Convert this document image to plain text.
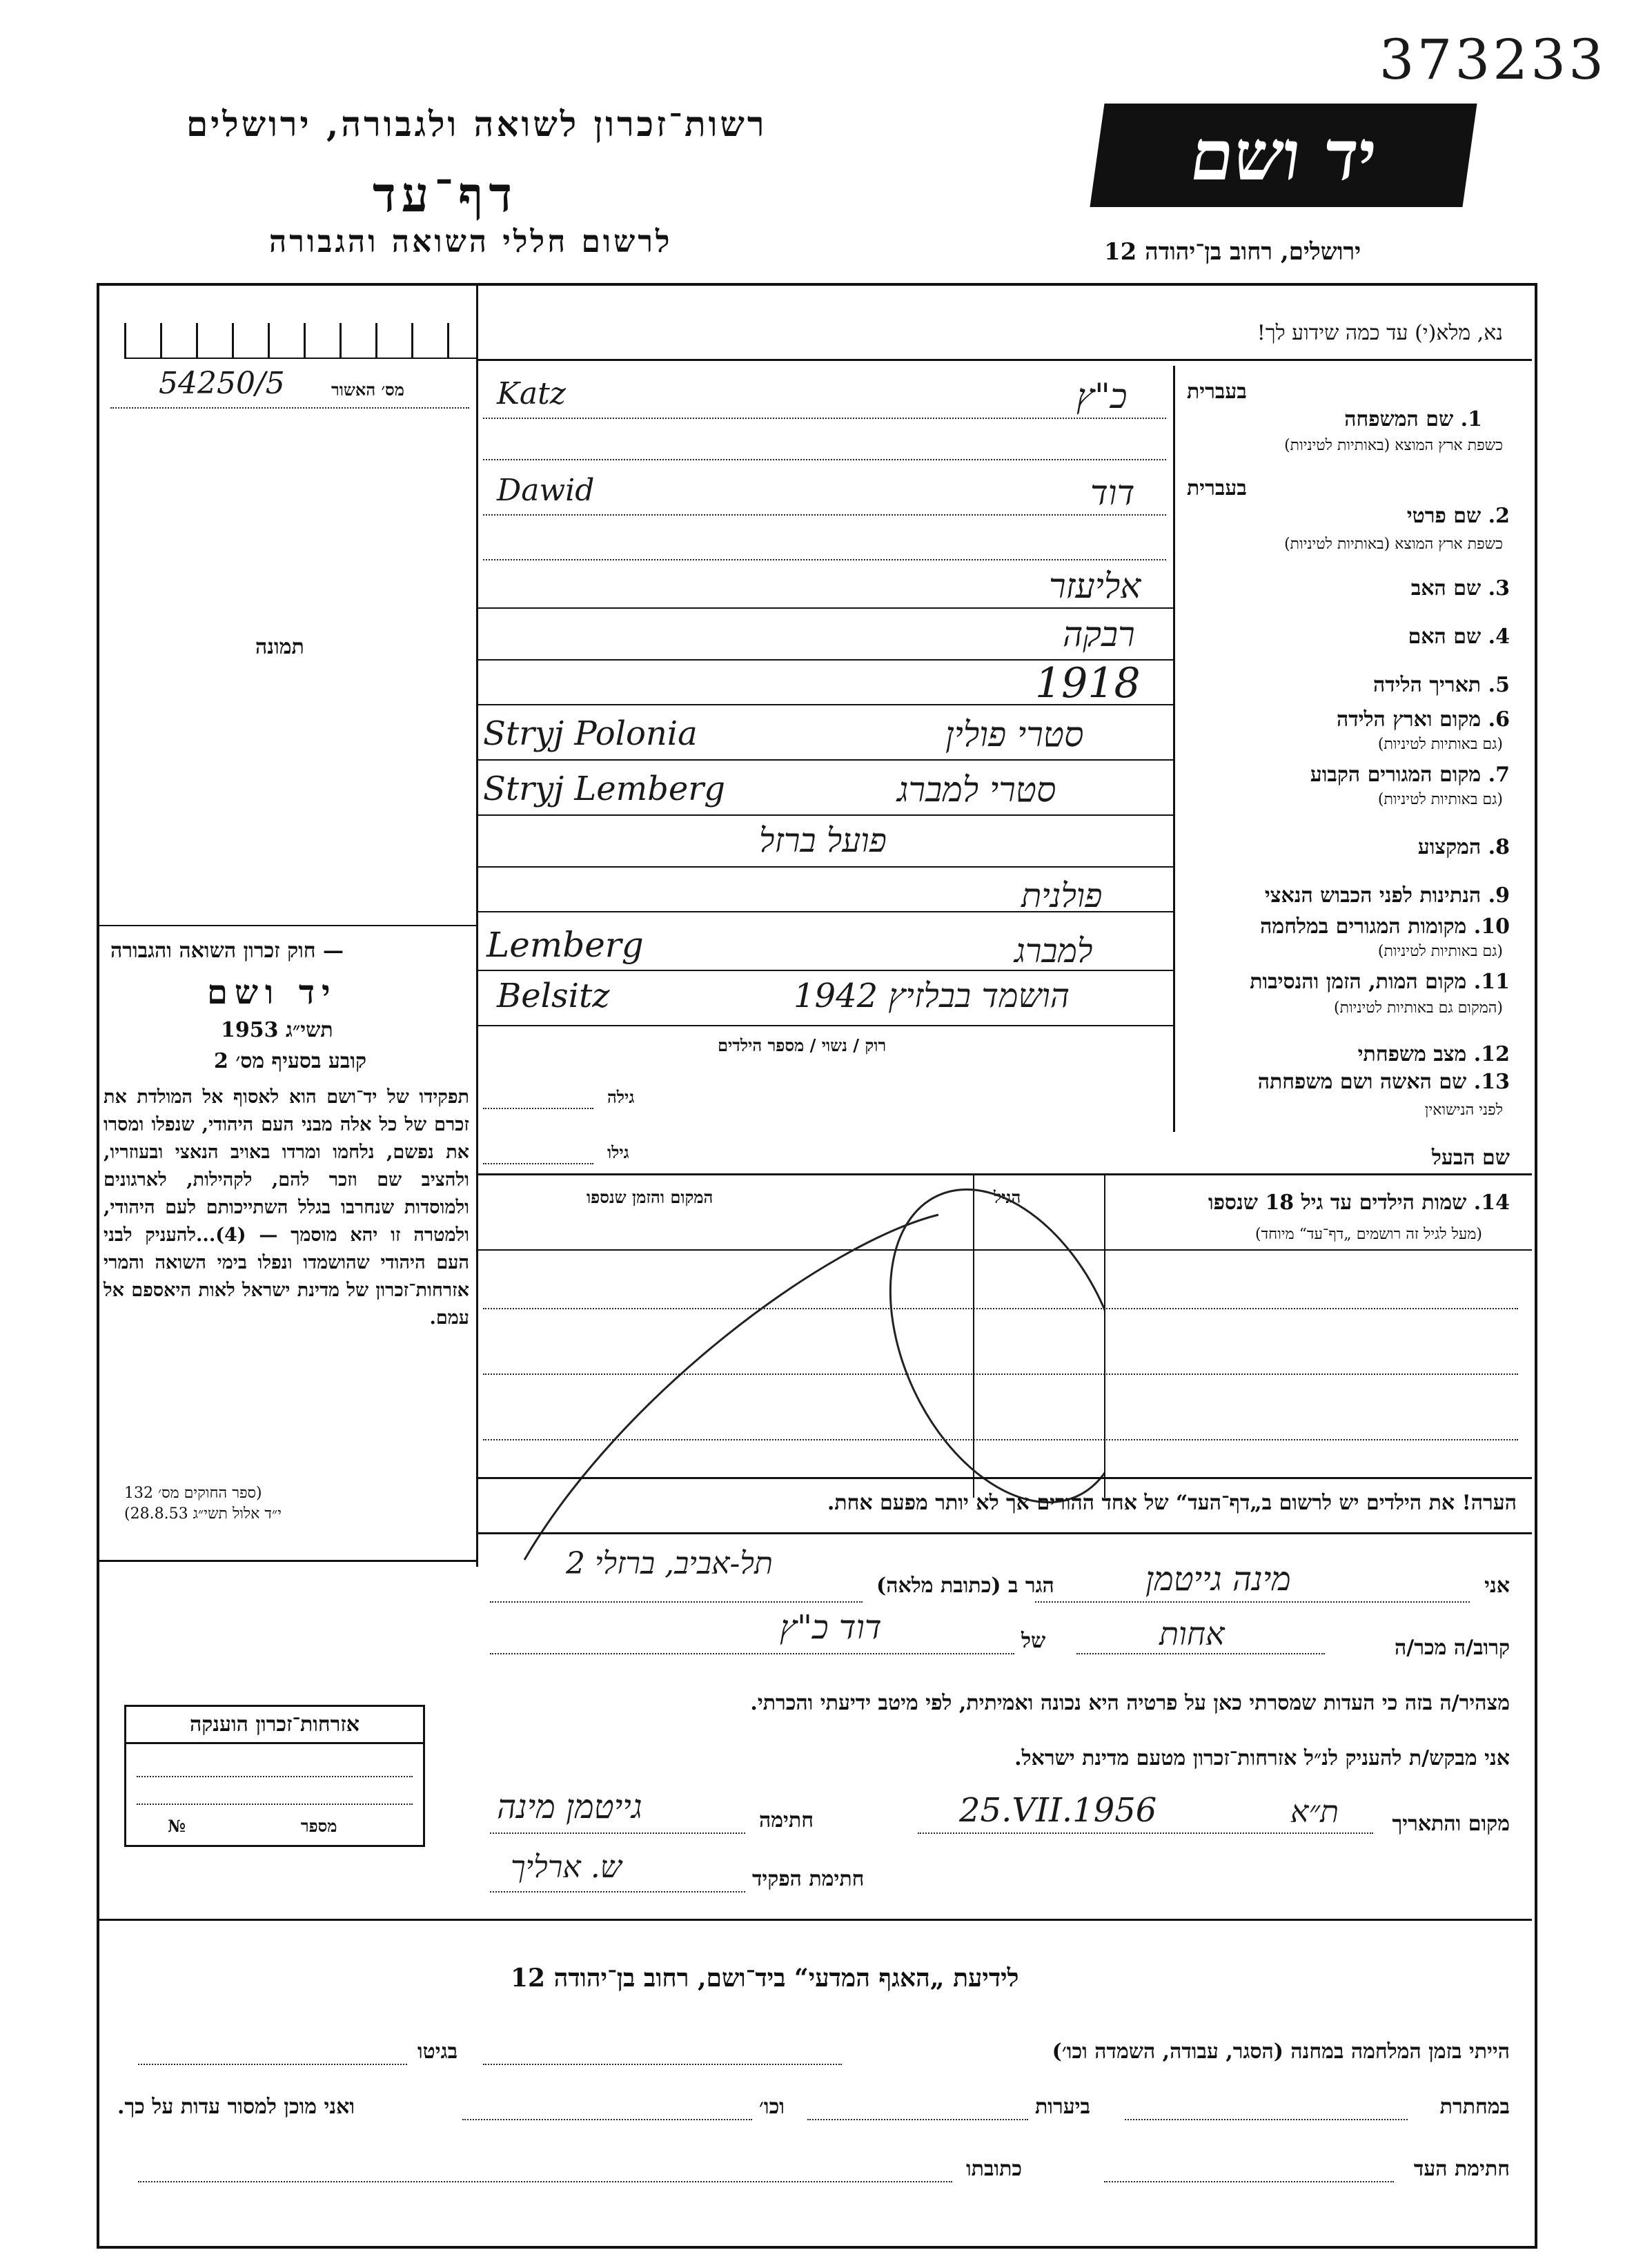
373233
רשות־זכרון לשואה ולגבורה, ירושלים
דף־עד
לרשום חללי השואה והגבורה
יד ושם
ירושלים, רחוב בן־יהודה 12
נא, מלא(י) עד כמה שידוע לך!
מס׳ האשור
54250/5
תמונה
בעברית
בעברית
1. שם המשפחה
כשפת ארץ המוצא (באותיות לטיניות)
כ"ץ
Katz
2. שם פרטי
כשפת ארץ המוצא (באותיות לטיניות)
דוד
Dawid
3. שם האב
אליעזר
4. שם האם
רבקה
5. תאריך הלידה
1918
6. מקום וארץ הלידה
(גם באותיות לטיניות)
סטרי פולין
Stryj Polonia
7. מקום המגורים הקבוע
(גם באותיות לטיניות)
סטרי למברג
Stryj Lemberg
8. המקצוע
פועל ברזל
9. הנתינות לפני הכבוש הנאצי
פולנית
10. מקומות המגורים במלחמה
(גם באותיות לטיניות)
למברג
Lemberg
11. מקום המות, הזמן והנסיבות
(המקום גם באותיות לטיניות)
הושמד בבלזיץ 1942
Belsitz
12. מצב משפחתי
רוק / נשוי / מספר הילדים
13. שם האשה ושם משפחתה
לפני הנישואין
גילה
שם הבעל
גילו
14. שמות הילדים עד גיל 18 שנספו
(מעל לגיל זה רושמים „דף־עד“ מיוחד)
הגיל
המקום והזמן שנספו
הערה! את הילדים יש לרשום ב„דף־העד“ של אחד ההורים אך לא יותר מפעם אחת.
— חוק זכרון השואה והגבורה
יד ושם
תשי״ג 1953
קובע בסעיף מס׳ 2
תפקידו של יד־ושם הוא לאסוף אל המולדת את זכרם של כל אלה מבני העם היהודי, שנפלו ומסרו את נפשם, נלחמו ומרדו באויב הנאצי ובעוזריו, ולהציב שם וזכר להם, לקהילות, לארגונים ולמוסדות שנחרבו בגלל השתייכותם לעם היהודי, ולמטרה זו יהא מוסמך — (4)...להעניק לבני העם היהודי שהושמדו ונפלו בימי השואה והמרי אזרחות־זכרון של מדינת ישראל לאות היאספם אל עמם.
(ספר החוקים מס׳ 132
י״ד אלול תשי״ג 28.8.53)
אזרחות־זכרון הוענקה
№	מספר
אני
מינה גייטמן
הגר ב (כתובת מלאה)
תל-אביב, ברזלי 2
קרוב/ה מכר/ה
אחות
של
דוד כ"ץ
מצהיר/ה בזה כי העדות שמסרתי כאן על פרטיה היא נכונה ואמיתית, לפי מיטב ידיעתי והכרתי.
אני מבקש/ת להעניק לנ״ל אזרחות־זכרון מטעם מדינת ישראל.
מקום והתאריך
ת״א
25.VII.1956
חתימה
גייטמן מינה
חתימת הפקיד
ש. ארליך
לידיעת „האגף המדעי“ ביד־ושם, רחוב בן־יהודה 12
הייתי בזמן המלחמה במחנה (הסגר, עבודה, השמדה וכו׳)
בגיטו
במחתרת
ביערות
וכו׳
ואני מוכן למסור עדות על כך.
חתימת העד
כתובתו
